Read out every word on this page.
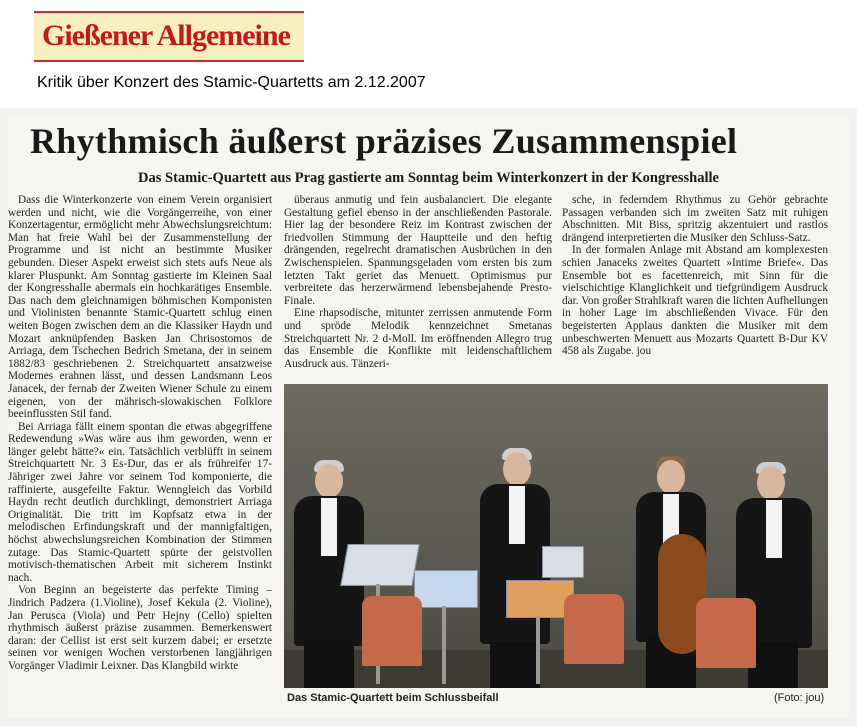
Gießener Allgemeine
Kritik über Konzert des Stamic-Quartetts am 2.12.2007
Rhythmisch äußerst präzises Zusammenspiel
Das Stamic-Quartett aus Prag gastierte am Sonntag beim Winterkonzert in der Kongresshalle

Dass die Winterkonzerte von einem Verein organisiert werden und nicht, wie die Vorgängerreihe, von einer Konzertagentur, ermöglicht mehr Abwechslungsreichtum: Man hat freie Wahl bei der Zusammenstellung der Programme und ist nicht an bestimmte Musiker gebunden. Dieser Aspekt erweist sich stets aufs Neue als klarer Pluspunkt. Am Sonntag gastierte im Kleinen Saal der Kongresshalle abermals ein hochkarätiges Ensemble. Das nach dem gleichnamigen böhmischen Komponisten und Violinisten benannte Stamic-Quartett schlug einen weiten Bogen zwischen dem an die Klassiker Haydn und Mozart anknüpfenden Basken Jan Chrisostomos de Arriaga, dem Tschechen Bedrich Smetana, der in seinem 1882/83 geschriebenen 2. Streichquartett ansatzweise Modernes erahnen lässt, und dessen Landsmann Leos Janacek, der fernab der Zweiten Wiener Schule zu einem eigenen, von der mährisch-slowakischen Folklore beeinflussten Stil fand.

Bei Arriaga fällt einem spontan die etwas abgegriffene Redewendung »Was wäre aus ihm geworden, wenn er länger gelebt hätte?« ein. Tatsächlich verblüfft in seinem Streichquartett Nr. 3 Es-Dur, das er als frühreifer 17-Jähriger zwei Jahre vor seinem Tod komponierte, die raffinierte, ausgefeilte Faktur. Wenngleich das Vorbild Haydn recht deutlich durchklingt, demonstriert Arriaga Originalität. Die tritt im Kopfsatz etwa in der melodischen Erfindungskraft und der mannigfaltigen, höchst abwechslungsreichen Kombination der Stimmen zutage. Das Stamic-Quartett spürte der geistvollen motivisch-thematischen Arbeit mit sicherem Instinkt nach.

Von Beginn an begeisterte das perfekte Timing – Jindrich Padzera (1.Violine), Josef Kekula (2. Violine), Jan Perusca (Viola) und Petr Hejny (Cello) spielten rhythmisch äußerst präzise zusammen. Bemerkenswert daran: der Cellist ist erst seit kurzem dabei; er ersetzte seinen vor wenigen Wochen verstorbenen langjährigen Vorgänger Vladimir Leixner. Das Klangbild wirkte

überaus anmutig und fein ausbalanciert. Die elegante Gestaltung gefiel ebenso in der anschließenden Pastorale. Hier lag der besondere Reiz im Kontrast zwischen der friedvollen Stimmung der Hauptteile und den heftig drängenden, regelrecht dramatischen Ausbrüchen in den Zwischenspielen. Spannungsgeladen vom ersten bis zum letzten Takt geriet das Menuett. Optimismus pur verbreitete das herzerwärmend lebensbejahende Presto-Finale.

Eine rhapsodische, mitunter zerrissen anmutende Form und spröde Melodik kennzeichnet Smetanas Streichquartett Nr. 2 d-Moll. Im eröffnenden Allegro trug das Ensemble die Konflikte mit leidenschaftlichem Ausdruck aus. Tänzeri-

sche, in federndem Rhythmus zu Gehör gebrachte Passagen verbanden sich im zweiten Satz mit ruhigen Abschnitten. Mit Biss, spritzig akzentuiert und rastlos drängend interpretierten die Musiker den Schluss-Satz.

In der formalen Anlage mit Abstand am komplexesten schien Janaceks zweites Quartett »Intime Briefe«. Das Ensemble bot es facettenreich, mit Sinn für die vielschichtige Klanglichkeit und tiefgründigem Ausdruck dar. Von großer Strahlkraft waren die lichten Aufhellungen in hoher Lage im abschließenden Vivace. Für den begeisterten Applaus dankten die Musiker mit dem unbeschwerten Menuett aus Mozarts Quartett B-Dur KV 458 als Zugabe. jou

Das Stamic-Quartett beim Schlussbeifall	(Foto: jou)
